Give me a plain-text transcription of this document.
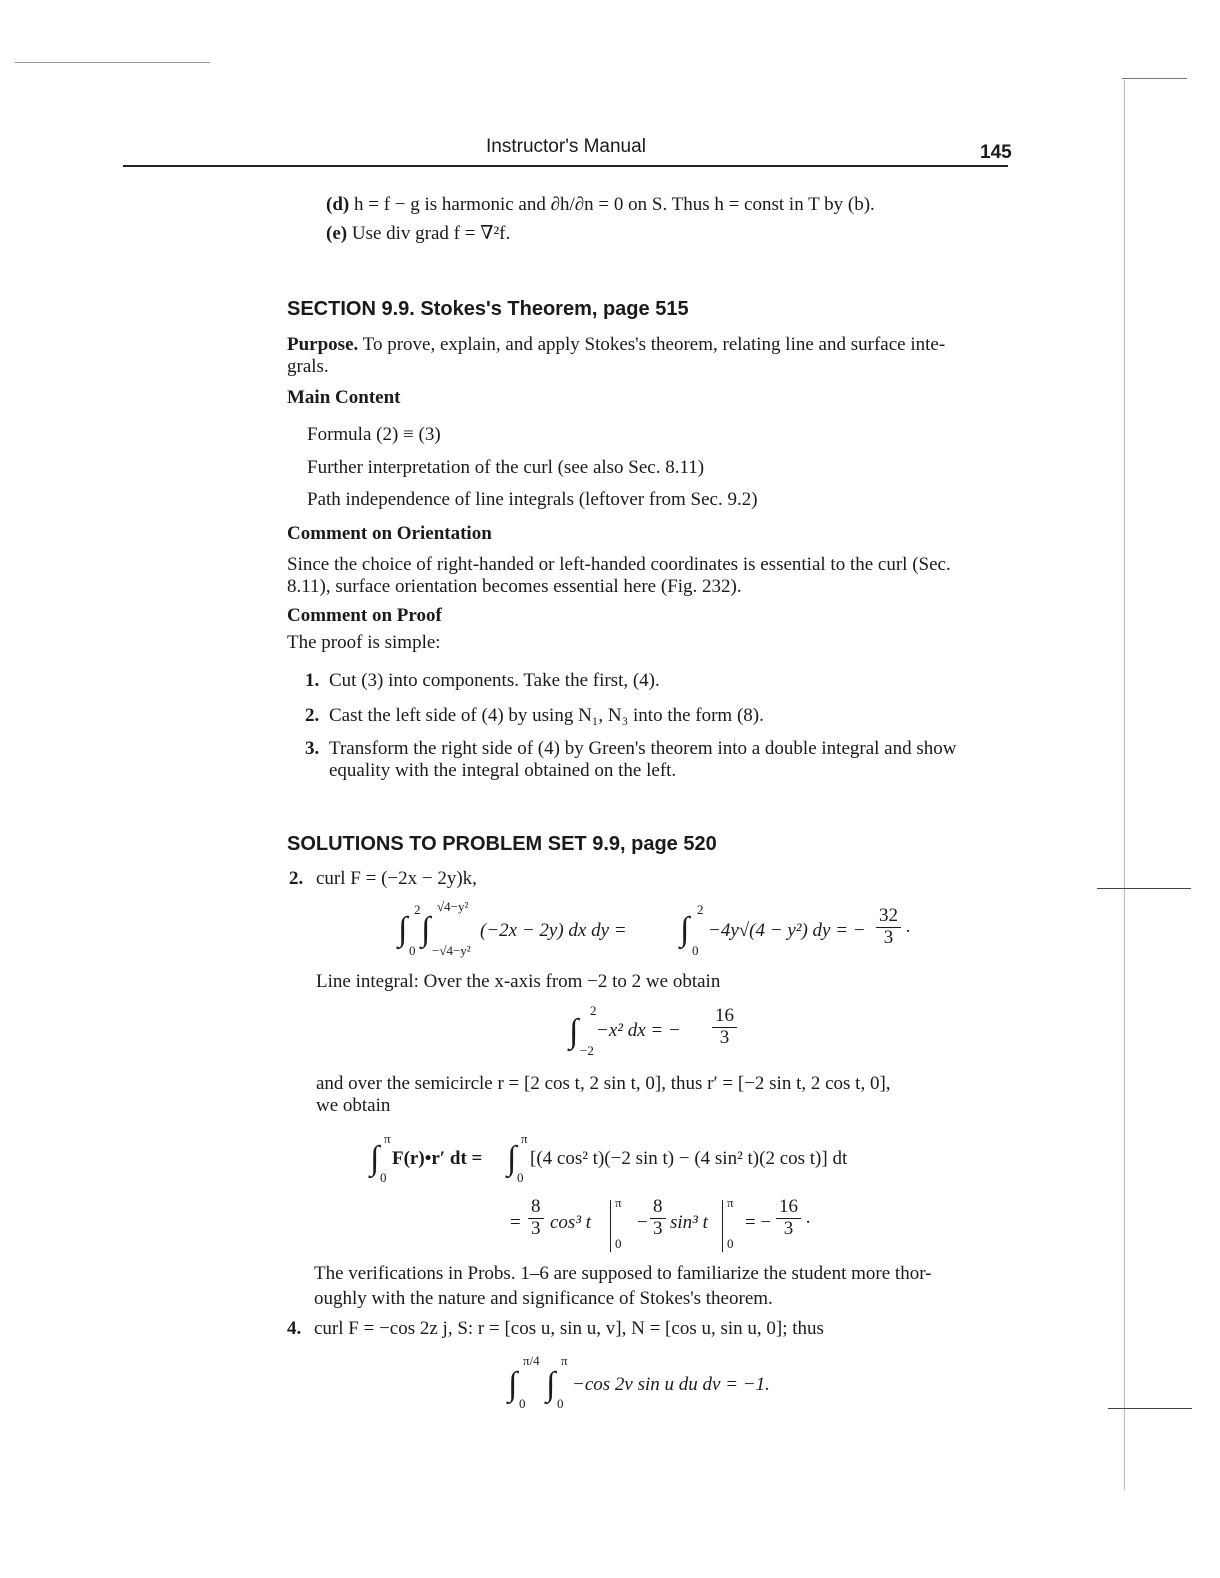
Instructor's Manual	145
(d) h = f − g is harmonic and ∂h/∂n = 0 on S. Thus h = const in T by (b).
(e) Use div grad f = ∇²f.
SECTION 9.9. Stokes's Theorem, page 515
Purpose. To prove, explain, and apply Stokes's theorem, relating line and surface inte-
grals.
Main Content
Formula (2) ≡ (3)
Further interpretation of the curl (see also Sec. 8.11)
Path independence of line integrals (leftover from Sec. 9.2)
Comment on Orientation
Since the choice of right-handed or left-handed coordinates is essential to the curl (Sec.
8.11), surface orientation becomes essential here (Fig. 232).
Comment on Proof
The proof is simple:
1. Cut (3) into components. Take the first, (4).
2. Cast the left side of (4) by using N₁, N₃ into the form (8).
3. Transform the right side of (4) by Green's theorem into a double integral and show
equality with the integral obtained on the left.
SOLUTIONS TO PROBLEM SET 9.9, page 520
2. curl F = (−2x − 2y)k,
∫
2
0
∫
√4−y²
−√4−y²
(−2x − 2y) dx dy = ∫
2
0
−4y√(4 − y²) dy = − $\frac{32}{3}$ .
Line integral: Over the x-axis from −2 to 2 we obtain
∫
2
−2
−x² dx = − $\frac{16}{3}$
and over the semicircle r = [2 cos t, 2 sin t, 0], thus r′ = [−2 sin t, 2 cos t, 0],
we obtain
∫
π
0
F(r)•r′ dt = ∫
π
0
[(4 cos² t)(−2 sin t) − (4 sin² t)(2 cos t)] dt
= $\frac{8}{3} \cos^3$ t
π
0
− $\frac{8}{3} \sin^3$ t
π
0
= − $\frac{16}{3}$ .
The verifications in Probs. 1–6 are supposed to familiarize the student more thor-
oughly with the nature and significance of Stokes's theorem.
4. curl F = −cos 2z j, S: r = [cos u, sin u, v], N = [cos u, sin u, 0]; thus
∫
π/4
0
∫
π
0
−cos 2v sin u du dv = −1.
